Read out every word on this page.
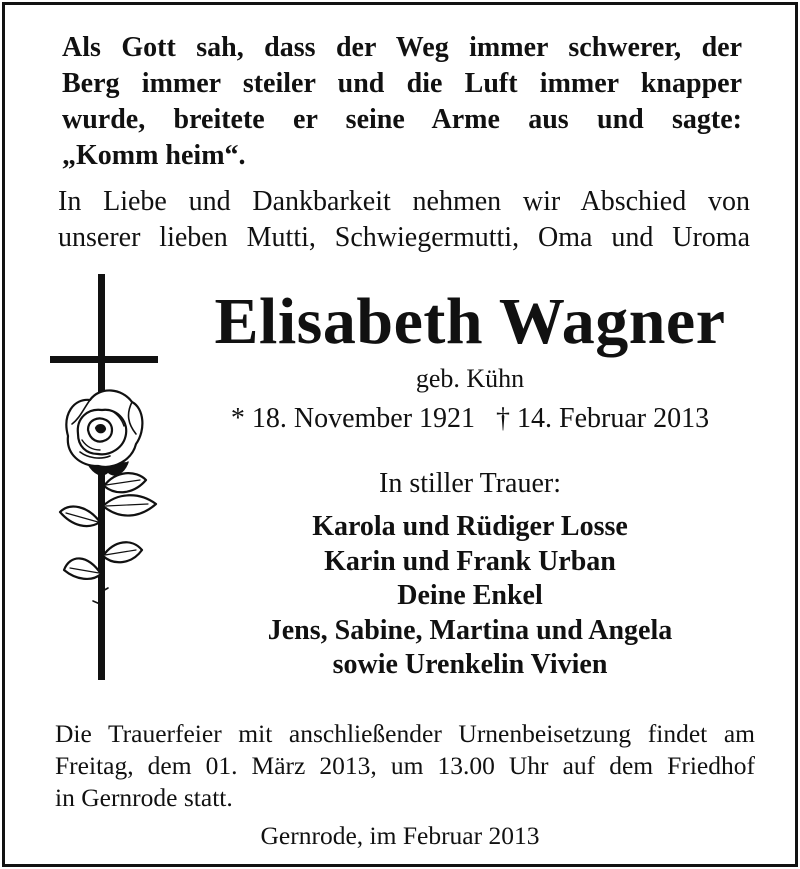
Als Gott sah, dass der Weg immer schwerer, der
Berg immer steiler und die Luft immer knapper
wurde, breitete er seine Arme aus und sagte:
„Komm heim“.
In Liebe und Dankbarkeit nehmen wir Abschied von
unserer lieben Mutti, Schwiegermutti, Oma und Uroma
Elisabeth Wagner
geb. Kühn
* 18. November 1921 † 14. Februar 2013
In stiller Trauer:
Karola und Rüdiger Losse
Karin und Frank Urban
Deine Enkel
Jens, Sabine, Martina und Angela
sowie Urenkelin Vivien
Die Trauerfeier mit anschließender Urnenbeisetzung findet am
Freitag, dem 01. März 2013, um 13.00 Uhr auf dem Friedhof
in Gernrode statt.
Gernrode, im Februar 2013
